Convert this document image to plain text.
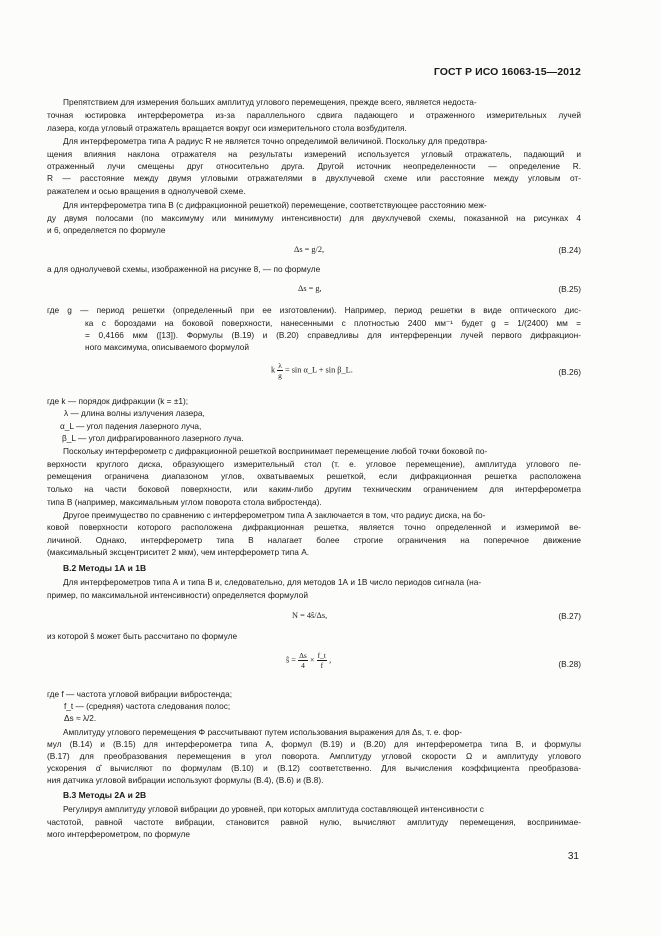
ГОСТ Р ИСО 16063-15—2012
Препятствием для измерения больших амплитуд углового перемещения, прежде всего, является недоста-
точная юстировка интерферометра из-за параллельного сдвига падающего и отраженного измерительных лучей
лазера, когда угловый отражатель вращается вокруг оси измерительного стола возбудителя.
Для интерферометра типа А радиус R не является точно определимой величиной. Поскольку для предотвра-
щения влияния наклона отражателя на результаты измерений используется угловый отражатель, падающий и
отраженный лучи смещены друг относительно друга. Другой источник неопределенности — определение R.
R — расстояние между двумя угловыми отражателями в двухлучевой схеме или расстояние между угловым от-
ражателем и осью вращения в однолучевой схеме.
Для интерферометра типа В (с дифракционной решеткой) перемещение, соответствующее расстоянию меж-
ду двумя полосами (по максимуму или минимуму интенсивности) для двухлучевой схемы, показанной на рисунках 4
и 6, определяется по формуле
Δs = g/2,	(В.24)
а для однолучевой схемы, изображенной на рисунке 8, — по формуле
Δs = g,	(В.25)
где g — период решетки (определенный при ее изготовлении). Например, период решетки в виде оптического дис-
ка с бороздами на боковой поверхности, нанесенными с плотностью 2400 мм⁻¹ будет g = 1/(2400) мм =
= 0,4166 мкм ([13]). Формулы (В.19) и (В.20) справедливы для интерференции лучей первого дифракцион-
ного максимума, описываемого формулой
k $\frac{\lambda}{g} = \sin$ α_L + sin β_L.	(В.26)
где k — порядок дифракции (k = ±1);
λ — длина волны излучения лазера,
α_L — угол падения лазерного луча,
β_L — угол дифрагированного лазерного луча.
Поскольку интерферометр с дифракционной решеткой воспринимает перемещение любой точки боковой по-
верхности круглого диска, образующего измерительный стол (т. е. угловое перемещение), амплитуда углового пе-
ремещения ограничена диапазоном углов, охватываемых решеткой, если дифракционная решетка расположена
только на части боковой поверхности, или каким-либо другим техническим ограничением для интерферометра
типа В (например, максимальным углом поворота стола вибростенда).
Другое преимущество по сравнению с интерферометром типа А заключается в том, что радиус диска, на бо-
ковой поверхности которого расположена дифракционная решетка, является точно определенной и измеримой ве-
личиной. Однако, интерферометр типа В налагает более строгие ограничения на поперечное движение
(максимальный эксцентриситет 2 мкм), чем интерферометр типа А.
В.2 Методы 1А и 1В
Для интерферометров типа А и типа В и, следовательно, для методов 1А и 1В число периодов сигнала (на-
пример, по максимальной интенсивности) определяется формулой
N = 4ŝ/Δs,	(В.27)
из которой ŝ может быть рассчитано по формуле
ŝ = $\frac{\Delta s}{4} \times \frac{f\_t}{f}$ ,	(В.28)
где f — частота угловой вибрации вибростенда;
f_t — (средняя) частота следования полос;
Δs ≈ λ/2.
Амплитуду углового перемещения Φ рассчитывают путем использования выражения для Δs, т. е. фор-
мул (В.14) и (В.15) для интерферометра типа А, формул (В.19) и (В.20) для интерферометра типа В, и формулы
(В.17) для преобразования перемещения в угол поворота. Амплитуду угловой скорости Ω и амплитуду углового
ускорения α̂ вычисляют по формулам (В.10) и (В.12) соответственно. Для вычисления коэффициента преобразова-
ния датчика угловой вибрации используют формулы (В.4), (В.6) и (В.8).
В.3 Методы 2А и 2В
Регулируя амплитуду угловой вибрации до уровней, при которых амплитуда составляющей интенсивности с
частотой, равной частоте вибрации, становится равной нулю, вычисляют амплитуду перемещения, воспринимае-
мого интерферометром, по формуле
31
